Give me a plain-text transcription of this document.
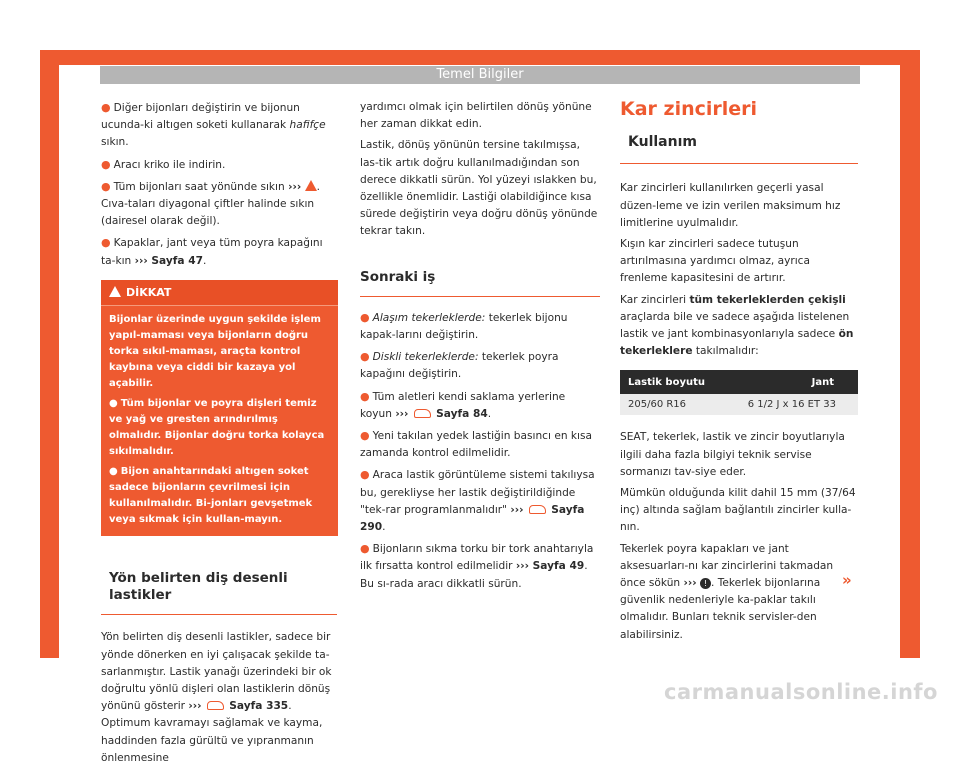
Temel Bilgiler
● Diğer bijonları değiştirin ve bijonun ucunda-ki altıgen soketi kullanarak hafifçe sıkın.
● Aracı kriko ile indirin.
● Tüm bijonları saat yönünde sıkın ››› . Cıva-taları diyagonal çiftler halinde sıkın (dairesel olarak değil).
● Kapaklar, jant veya tüm poyra kapağını ta-kın ››› Sayfa 47.
DİKKAT

Bijonlar üzerinde uygun şekilde işlem yapıl-maması veya bijonların doğru torka sıkıl-maması, araçta kontrol kaybına veya ciddi bir kazaya yol açabilir.

● Tüm bijonlar ve poyra dişleri temiz ve yağ ve gresten arındırılmış olmalıdır. Bijonlar doğru torka kolayca sıkılmalıdır.
● Bijon anahtarındaki altıgen soket sadece bijonların çevrilmesi için kullanılmalıdır. Bi-jonları gevşetmek veya sıkmak için kullan-mayın.
Yön belirten diş desenli lastikler

Yön belirten diş desenli lastikler, sadece bir yönde dönerken en iyi çalışacak şekilde ta-sarlanmıştır. Lastik yanağı üzerindeki bir ok doğrultu yönlü dişleri olan lastiklerin dönüş yönünü gösterir ›››	Sayfa 335. Optimum kavramayı sağlamak ve kayma, haddinden fazla gürültü ve yıpranmanın önlenmesine

yardımcı olmak için belirtilen dönüş yönüne her zaman dikkat edin.

Lastik, dönüş yönünün tersine takılmışsa, las-tik artık doğru kullanılmadığından son derece dikkatli sürün. Yol yüzeyi ıslakken bu, özellikle önemlidir. Lastiği olabildiğince kısa sürede değiştirin veya doğru dönüş yönünde tekrar takın.

Sonraki iş
● Alaşım tekerleklerde: tekerlek bijonu kapak-larını değiştirin.
● Diskli tekerleklerde: tekerlek poyra kapağını değiştirin.
● Tüm aletleri kendi saklama yerlerine koyun ›››	Sayfa 84.
● Yeni takılan yedek lastiğin basıncı en kısa zamanda kontrol edilmelidir.
● Araca lastik görüntüleme sistemi takılıysa bu, gerekliyse her lastik değiştirildiğinde "tek-rar programlanmalıdır" ›››	Sayfa 290.
● Bijonların sıkma torku bir tork anahtarıyla ilk fırsatta kontrol edilmelidir ››› Sayfa 49. Bu sı-rada aracı dikkatli sürün.
Kar zincirleri
Kullanım

Kar zincirleri kullanılırken geçerli yasal düzen-leme ve izin verilen maksimum hız limitlerine uyulmalıdır.

Kışın kar zincirleri sadece tutuşun artırılmasına yardımcı olmaz, ayrıca frenleme kapasitesini de artırır.

Kar zincirleri tüm tekerleklerden çekişli araçlarda bile ve sadece aşağıda listelenen lastik ve jant kombinasyonlarıyla sadece ön tekerleklere takılmalıdır:

Lastik boyutu	Jant
205/60 R16	6 1/2 J x 16 ET 33

SEAT, tekerlek, lastik ve zincir boyutlarıyla ilgili daha fazla bilgiyi teknik servise sormanızı tav-siye eder.

Mümkün olduğunda kilit dahil 15 mm (37/64 inç) altında sağlam bağlantılı zincirler kulla-nın.

Tekerlek poyra kapakları ve jant aksesuarları-nı kar zincirlerini takmadan önce sökün ››› ! . Tekerlek bijonlarına güvenlik nedenleriyle ka-paklar takılı olmalıdır. Bunları teknik servisler-den alabilirsiniz.

»
51
carmanualsonline.info
